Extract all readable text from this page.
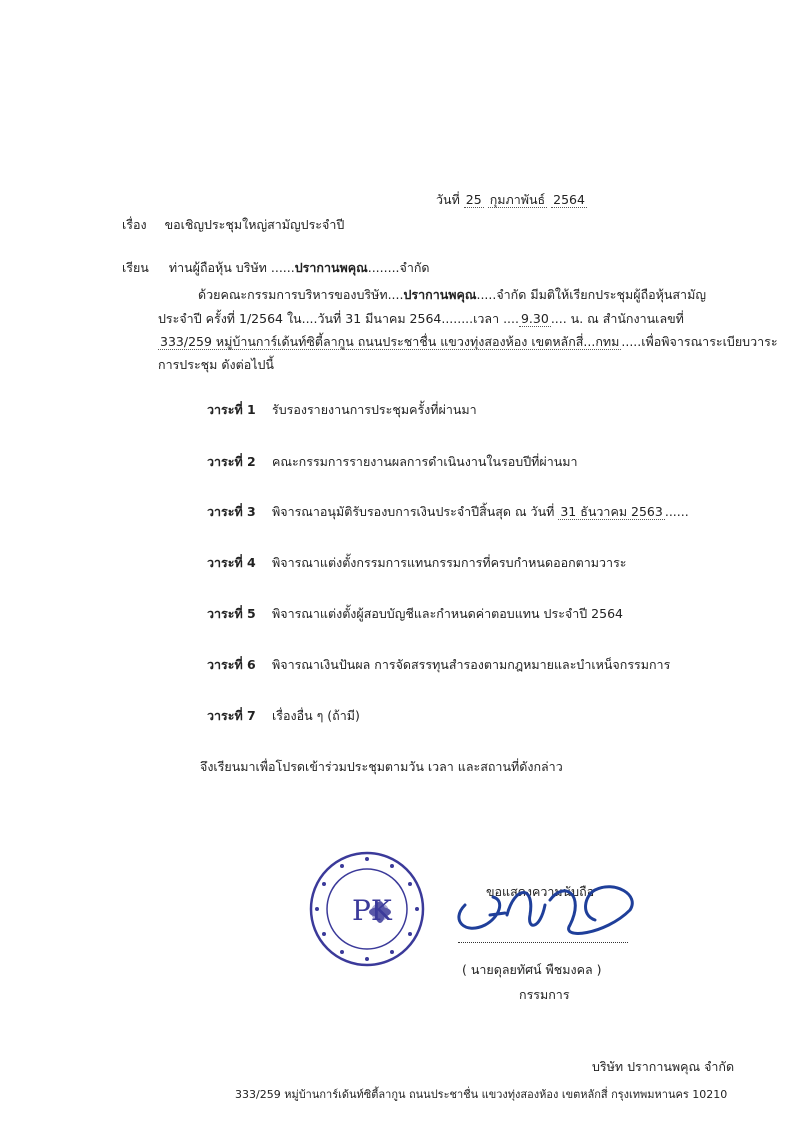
วันที่ 25 กุมภาพันธ์ 2564
เรื่อง ขอเชิญประชุมใหญ่สามัญประจำปี
เรียน ท่านผู้ถือหุ้น บริษัท ......ปรากานพคุณ........จำกัด
ด้วยคณะกรรมการบริหารของบริษัท....ปรากานพคุณ.....จำกัด มีมติให้เรียกประชุมผู้ถือหุ้นสามัญ
ประจำปี ครั้งที่ 1/2564 ใน....วันที่ 31 มีนาคม 2564........เวลา .... 9.30 .... น. ณ สำนักงานเลขที่
333/259 หมู่บ้านการ์เด้นท์ซิตี้ลากูน ถนนประชาชื่น แขวงทุ่งสองห้อง เขตหลักสี่...กทม .....เพื่อพิจารณาระเบียบวาระ
การประชุม ดังต่อไปนี้
วาระที่ 1 รับรองรายงานการประชุมครั้งที่ผ่านมา
วาระที่ 2 คณะกรรมการรายงานผลการดำเนินงานในรอบปีที่ผ่านมา
วาระที่ 3 พิจารณาอนุมัติรับรองบการเงินประจำปีสิ้นสุด ณ วันที่ 31 ธันวาคม 2563 ......
วาระที่ 4 พิจารณาแต่งตั้งกรรมการแทนกรรมการที่ครบกำหนดออกตามวาระ
วาระที่ 5 พิจารณาแต่งตั้งผู้สอบบัญชีและกำหนดค่าตอบแทน ประจำปี 2564
วาระที่ 6 พิจารณาเงินปันผล การจัดสรรทุนสำรองตามกฎหมายและบำเหน็จกรรมการ
วาระที่ 7 เรื่องอื่น ๆ (ถ้ามี)
จึงเรียนมาเพื่อโปรดเข้าร่วมประชุมตามวัน เวลา และสถานที่ดังกล่าว
PK
ขอแสดงความนับถือ
( นายดุลยทัศน์ พืชมงคล )
กรรมการ
บริษัท ปรากานพคุณ จำกัด
333/259 หมู่บ้านการ์เด้นท์ซิตี้ลากูน ถนนประชาชื่น แขวงทุ่งสองห้อง เขตหลักสี่ กรุงเทพมหานคร 10210
